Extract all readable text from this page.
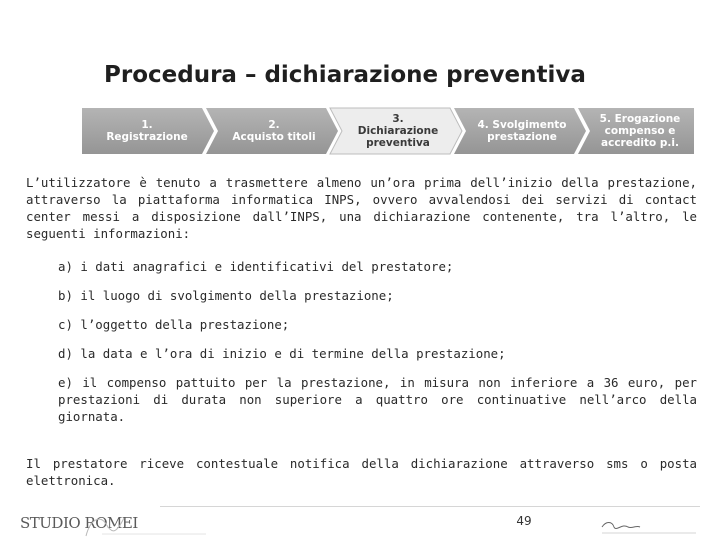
Procedura – dichiarazione preventiva
1.
Registrazione
2.
Acquisto titoli
3.
Dichiarazione
preventiva
4. Svolgimento
prestazione
5. Erogazione
compenso e
accredito p.i.

L’utilizzatore è tenuto a trasmettere almeno un’ora prima dell’inizio della prestazione, attraverso la piattaforma informatica INPS, ovvero avvalendosi dei servizi di contact center messi a disposizione dall’INPS, una dichiarazione contenente, tra l’altro, le seguenti informazioni:

a) i dati anagrafici e identificativi del prestatore;
b) il luogo di svolgimento della prestazione;
c) l’oggetto della prestazione;
d) la data e l’ora di inizio e di termine della prestazione;
e) il compenso pattuito per la prestazione, in misura non inferiore a 36 euro, per prestazioni di durata non superiore a quattro ore continuative nell’arco della giornata.

Il prestatore riceve contestuale notifica della dichiarazione attraverso sms o posta elettronica.

STUDIO ROMEI	49
